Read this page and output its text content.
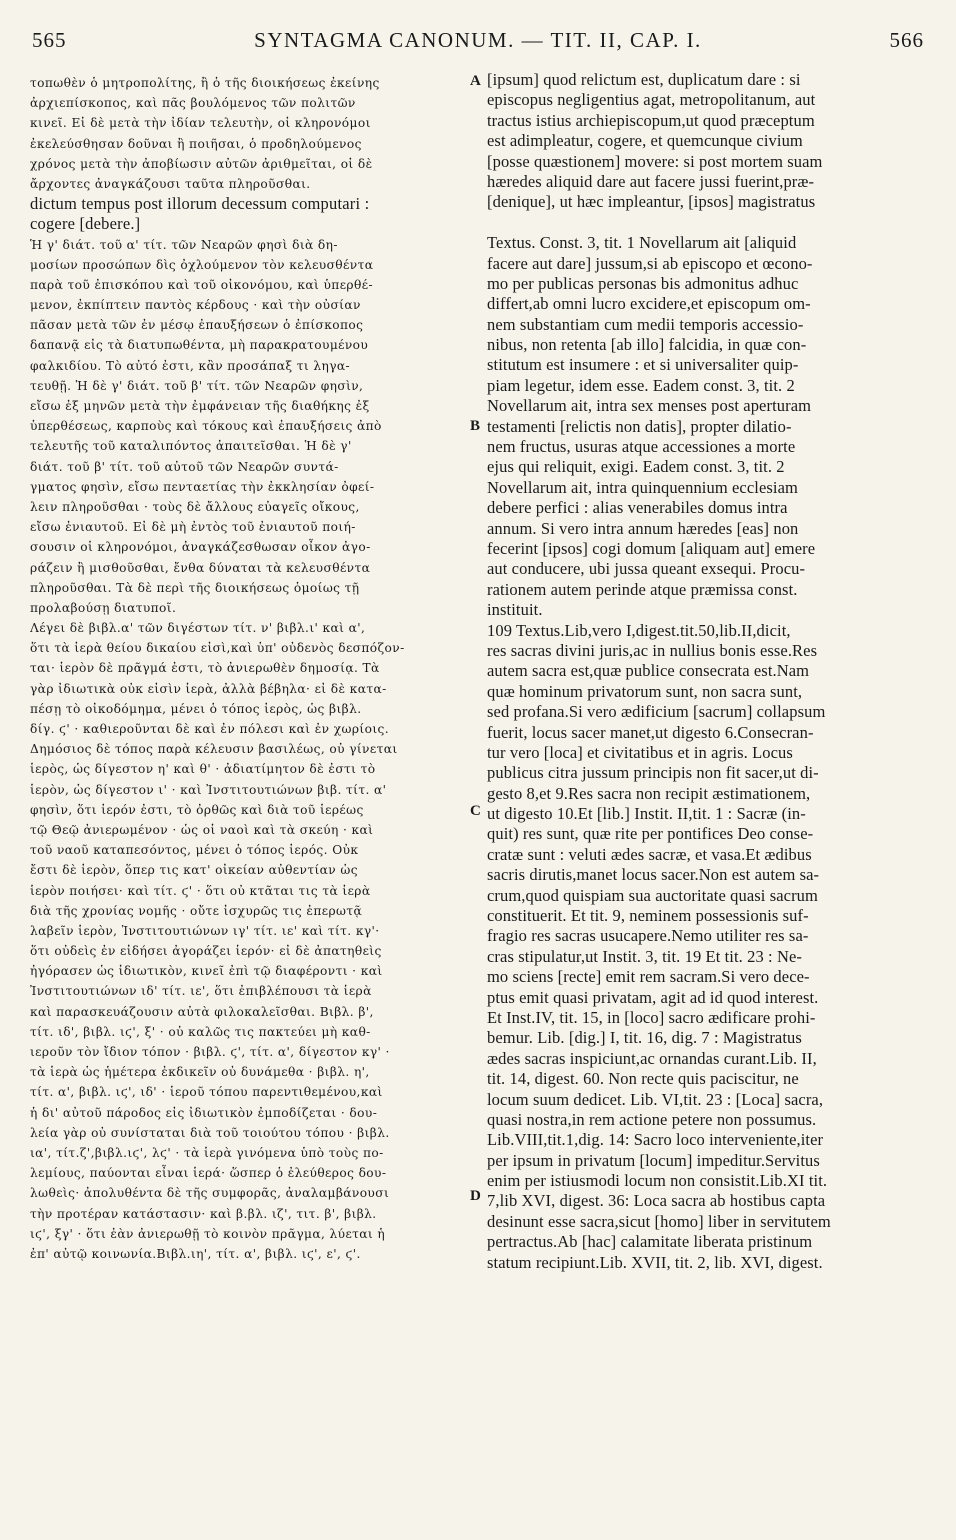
565	SYNTAGMA CANONUM. — TIT. II, CAP. I.	566
τοπωθὲν ὁ μητροπολίτης, ἢ ὁ τῆς διοικήσεως ἐκείνης
ἀρχιεπίσκοπος, καὶ πᾶς βουλόμενος τῶν πολιτῶν
κινεῖ. Εἰ δὲ μετὰ τὴν ἰδίαν τελευτὴν, οἱ κληρονόμοι
ἐκελεύσθησαν δοῦναι ἢ ποιῆσαι, ὁ προδηλούμενος
χρόνος μετὰ τὴν ἀποβίωσιν αὐτῶν ἀριθμεῖται, οἱ δὲ
ἄρχοντες ἀναγκάζουσι ταῦτα πληροῦσθαι.
dictum tempus post illorum decessum computari :
cogere [debere.]
Ἡ γ' διάτ. τοῦ α' τίτ. τῶν Νεαρῶν φησὶ διὰ δη-
μοσίων προσώπων δὶς ὀχλούμενον τὸν κελευσθέντα
παρὰ τοῦ ἐπισκόπου καὶ τοῦ οἰκονόμου, καὶ ὑπερθέ-
μενον, ἐκπίπτειν παντὸς κέρδους · καὶ τὴν οὐσίαν
πᾶσαν μετὰ τῶν ἐν μέσῳ ἐπαυξήσεων ὁ ἐπίσκοπος
δαπανᾷ εἰς τὰ διατυπωθέντα, μὴ παρακρατουμένου
φαλκιδίου. Τὸ αὐτό ἐστι, κἂν προσάπαξ τι ληγα-
τευθῇ. Ἡ δὲ γ' διάτ. τοῦ β' τίτ. τῶν Νεαρῶν φησὶν,
εἴσω ἐξ μηνῶν μετὰ τὴν ἐμφάνειαν τῆς διαθήκης ἐξ
ὑπερθέσεως, καρποὺς καὶ τόκους καὶ ἐπαυξήσεις ἀπὸ
τελευτῆς τοῦ καταλιπόντος ἀπαιτεῖσθαι. Ἡ δὲ γ'
διάτ. τοῦ β' τίτ. τοῦ αὐτοῦ τῶν Νεαρῶν συντά-
γματος φησὶν, εἴσω πενταετίας τὴν ἐκκλησίαν ὀφεί-
λειν πληροῦσθαι · τοὺς δὲ ἄλλους εὐαγεῖς οἴκους,
εἴσω ἐνιαυτοῦ. Εἰ δὲ μὴ ἐντὸς τοῦ ἐνιαυτοῦ ποιή-
σουσιν οἱ κληρονόμοι, ἀναγκάζεσθωσαν οἶκον ἀγο-
ράζειν ἢ μισθοῦσθαι, ἔνθα δύναται τὰ κελευσθέντα
πληροῦσθαι. Τὰ δὲ περὶ τῆς διοικήσεως ὁμοίως τῇ
προλαβούσῃ διατυποῖ.
Λέγει δὲ βιβλ.α' τῶν διγέστων τίτ. ν' βιβλ.ι' καὶ α',
ὅτι τὰ ἱερὰ θείου δικαίου εἰσὶ,καὶ ὑπ' οὐδενὸς δεσπόζον-
ται· ἱερὸν δὲ πρᾶγμά ἐστι, τὸ ἀνιερωθὲν δημοσίᾳ. Τὰ
γὰρ ἰδιωτικὰ οὐκ εἰσὶν ἱερὰ, ἀλλὰ βέβηλα· εἰ δὲ κατα-
πέσῃ τὸ οἰκοδόμημα, μένει ὁ τόπος ἱερὸς, ὡς βιβλ.
δίγ. ϛ' · καθιεροῦνται δὲ καὶ ἐν πόλεσι καὶ ἐν χωρίοις.
Δημόσιος δὲ τόπος παρὰ κέλευσιν βασιλέως, οὐ γίνεται
ἱερὸς, ὡς δίγεστον η' καὶ θ' · ἀδιατίμητον δὲ ἐστι τὸ
ἱερὸν, ὡς δίγεστον ι' · καὶ Ἰνστιτουτιώνων βιβ. τίτ. α'
φησὶν, ὅτι ἱερόν ἐστι, τὸ ὀρθῶς καὶ διὰ τοῦ ἱερέως
τῷ Θεῷ ἀνιερωμένον · ὡς οἱ ναοὶ καὶ τὰ σκεύη · καὶ
τοῦ ναοῦ καταπεσόντος, μένει ὁ τόπος ἱερός. Οὐκ
ἔστι δὲ ἱερὸν, ὅπερ τις κατ' οἰκείαν αὐθεντίαν ὡς
ἱερὸν ποιήσει· καὶ τίτ. ϛ' · ὅτι οὐ κτᾶται τις τὰ ἱερὰ
διὰ τῆς χρονίας νομῆς · οὔτε ἰσχυρῶς τις ἐπερωτᾷ
λαβεῖν ἱερὸν, Ἰνστιτουτιώνων ιγ' τίτ. ιε' καὶ τίτ. κγ'·
ὅτι οὐδεὶς ἐν εἰδήσει ἀγοράζει ἱερόν· εἰ δὲ ἀπατηθεὶς
ἠγόρασεν ὡς ἰδιωτικὸν, κινεῖ ἐπὶ τῷ διαφέροντι · καὶ
Ἰνστιτουτιώνων ιδ' τίτ. ιε', ὅτι ἐπιβλέπουσι τὰ ἱερὰ
καὶ παρασκευάζουσιν αὐτὰ φιλοκαλεῖσθαι. Βιβλ. β',
τίτ. ιδ', βιβλ. ιϛ', ξ' · οὐ καλῶς τις πακτεύει μὴ καθ-
ιεροῦν τὸν ἴδιον τόπον · βιβλ. ϛ', τίτ. α', δίγεστον κγ' ·
τὰ ἱερὰ ὡς ἡμέτερα ἐκδικεῖν οὐ δυνάμεθα · βιβλ. η',
τίτ. α', βιβλ. ιϛ', ιδ' · ἱεροῦ τόπου παρεντιθεμένου,καὶ
ἡ δι' αὐτοῦ πάροδος εἰς ἰδιωτικὸν ἐμποδίζεται · δου-
λεία γὰρ οὐ συνίσταται διὰ τοῦ τοιούτου τόπου · βιβλ.
ια', τίτ.ζ',βιβλ.ιϛ', λϛ' · τὰ ἱερὰ γινόμενα ὑπὸ τοὺς πο-
λεμίους, παύονται εἶναι ἱερά· ὥσπερ ὁ ἐλεύθερος δου-
λωθεὶς· ἀπολυθέντα δὲ τῆς συμφορᾶς, ἀναλαμβάνουσι
τὴν προτέραν κατάστασιν· καὶ β.βλ. ιζ', τιτ. β', βιβλ.
ιϛ', ξγ' · ὅτι ἐὰν ἀνιερωθῇ τὸ κοινὸν πρᾶγμα, λύεται ἡ
ἐπ' αὐτῷ κοινωνία.Βιβλ.ιη', τίτ. α', βιβλ. ιϛ', ε', ϛ'.
[ipsum] quod relictum est, duplicatum dare : si
episcopus negligentius agat, metropolitanum, aut
tractus istius archiepiscopum,ut quod præceptum
est adimpleatur, cogere, et quemcunque civium
[posse quæstionem] movere: si post mortem suam
hæredes aliquid dare aut facere jussi fuerint,præ-
[denique], ut hæc impleantur, [ipsos] magistratus
Textus. Const. 3, tit. 1 Novellarum ait [aliquid
facere aut dare] jussum,si ab episcopo et œcono-
mo per publicas personas bis admonitus adhuc
differt,ab omni lucro excidere,et episcopum om-
nem substantiam cum medii temporis accessio-
nibus, non retenta [ab illo] falcidia, in quæ con-
stitutum est insumere : et si universaliter quip-
piam legetur, idem esse. Eadem const. 3, tit. 2
Novellarum ait, intra sex menses post aperturam
testamenti [relictis non datis], propter dilatio-
nem fructus, usuras atque accessiones a morte
ejus qui reliquit, exigi. Eadem const. 3, tit. 2
Novellarum ait, intra quinquennium ecclesiam
debere perfici : alias venerabiles domus intra
annum. Si vero intra annum hæredes [eas] non
fecerint [ipsos] cogi domum [aliquam aut] emere
aut conducere, ubi jussa queant exsequi. Procu-
rationem autem perinde atque præmissa const.
instituit.
109 Textus.Lib,vero I,digest.tit.50,lib.II,dicit,
res sacras divini juris,ac in nullius bonis esse.Res
autem sacra est,quæ publice consecrata est.Nam
quæ hominum privatorum sunt, non sacra sunt,
sed profana.Si vero ædificium [sacrum] collapsum
fuerit, locus sacer manet,ut digesto 6.Consecran-
tur vero [loca] et civitatibus et in agris. Locus
publicus citra jussum principis non fit sacer,ut di-
gesto 8,et 9.Res sacra non recipit æstimationem,
ut digesto 10.Et [lib.] Instit. II,tit. 1 : Sacræ (in-
quit) res sunt, quæ rite per pontifices Deo conse-
cratæ sunt : veluti ædes sacræ, et vasa.Et ædibus
sacris dirutis,manet locus sacer.Non est autem sa-
crum,quod quispiam sua auctoritate quasi sacrum
constituerit. Et tit. 9, neminem possessionis suf-
fragio res sacras usucapere.Nemo utiliter res sa-
cras stipulatur,ut Instit. 3, tit. 19 Et tit. 23 : Ne-
mo sciens [recte] emit rem sacram.Si vero dece-
ptus emit quasi privatam, agit ad id quod interest.
Et Inst.IV, tit. 15, in [loco] sacro ædificare prohi-
bemur. Lib. [dig.] I, tit. 16, dig. 7 : Magistratus
ædes sacras inspiciunt,ac ornandas curant.Lib. II,
tit. 14, digest. 60. Non recte quis paciscitur, ne
locum suum dedicet. Lib. VI,tit. 23 : [Loca] sacra,
quasi nostra,in rem actione petere non possumus.
Lib.VIII,tit.1,dig. 14: Sacro loco interveniente,iter
per ipsum in privatum [locum] impeditur.Servitus
enim per istiusmodi locum non consistit.Lib.XI tit.
7,lib XVI, digest. 36: Loca sacra ab hostibus capta
desinunt esse sacra,sicut [homo] liber in servitutem
pertractus.Ab [hac] calamitate liberata pristinum
statum recipiunt.Lib. XVII, tit. 2, lib. XVI, digest.
A
B
C
D
